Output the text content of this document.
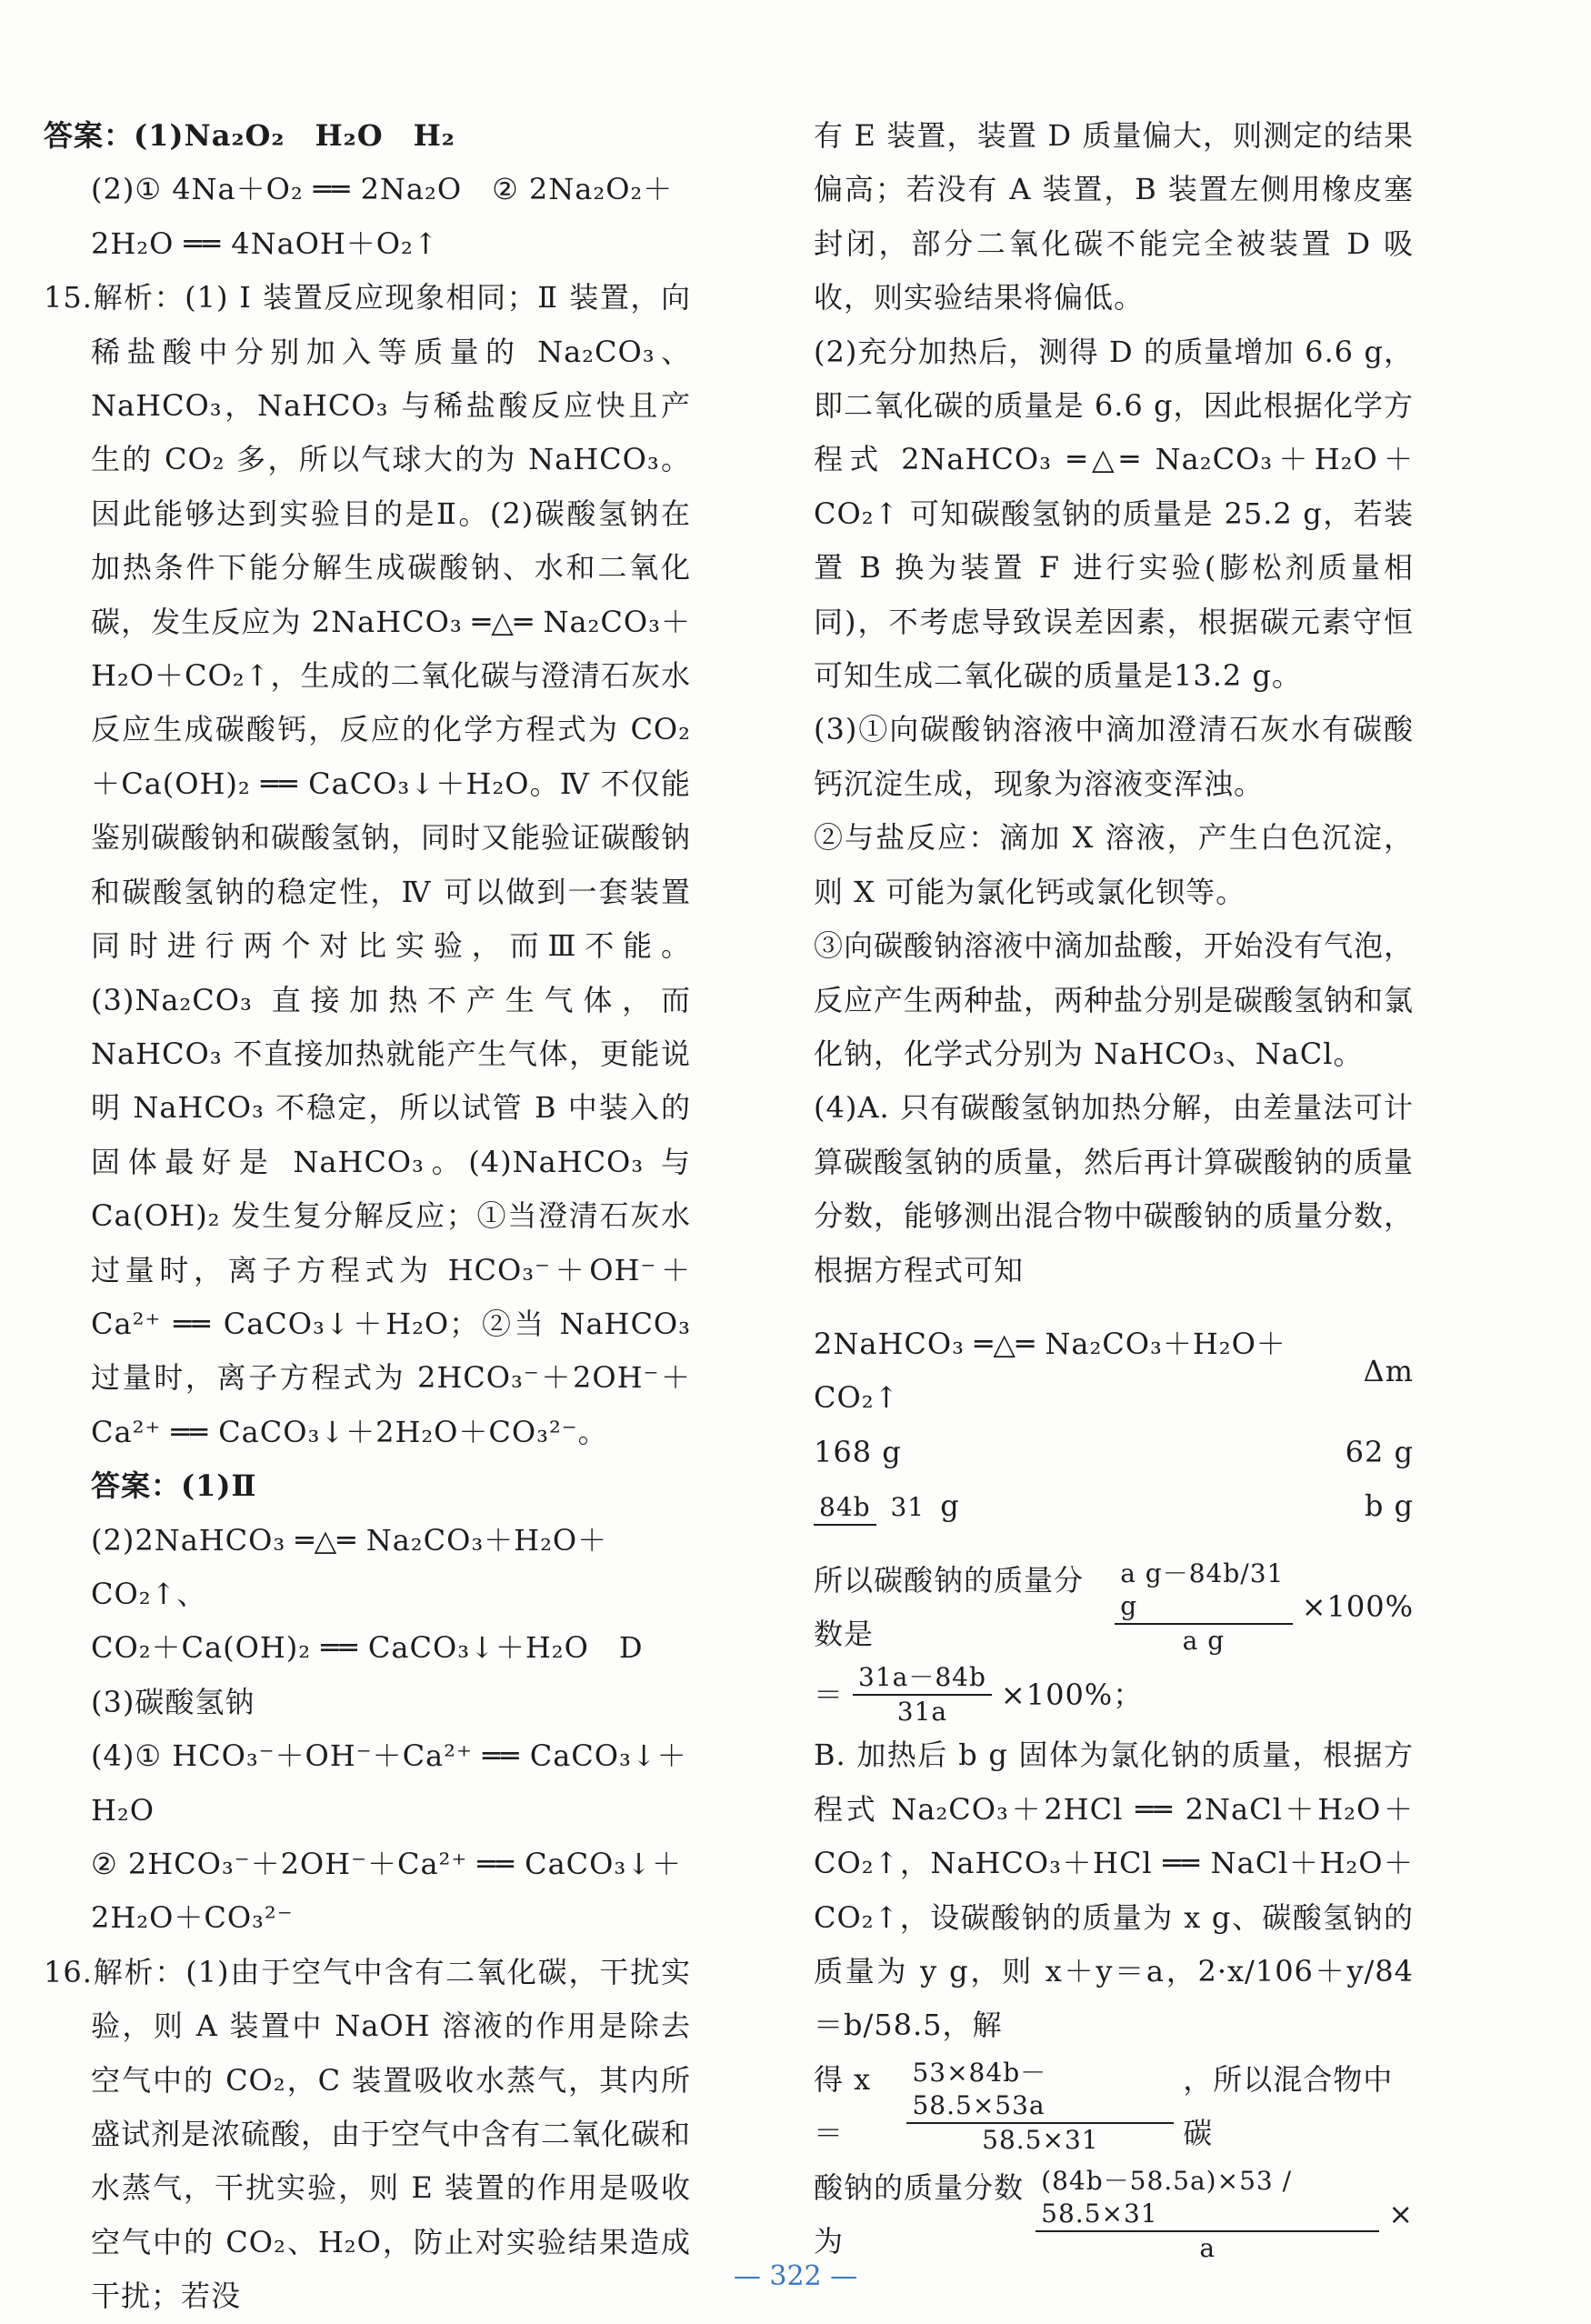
答案：(1)Na₂O₂　H₂O　H₂

(2)① 4Na＋O₂ ══ 2Na₂O　② 2Na₂O₂＋

2H₂O ══ 4NaOH＋O₂↑

15.解析：(1) Ⅰ 装置反应现象相同；Ⅱ 装置，向稀盐酸中分别加入等质量的 Na₂CO₃、NaHCO₃，NaHCO₃ 与稀盐酸反应快且产生的 CO₂ 多，所以气球大的为 NaHCO₃。因此能够达到实验目的是Ⅱ。(2)碳酸氢钠在加热条件下能分解生成碳酸钠、水和二氧化碳，发生反应为 2NaHCO₃ ═△═ Na₂CO₃＋H₂O＋CO₂↑，生成的二氧化碳与澄清石灰水反应生成碳酸钙，反应的化学方程式为 CO₂＋Ca(OH)₂ ══ CaCO₃↓＋H₂O。Ⅳ 不仅能鉴别碳酸钠和碳酸氢钠，同时又能验证碳酸钠和碳酸氢钠的稳定性，Ⅳ 可以做到一套装置同时进行两个对比实验，而Ⅲ不能。(3)Na₂CO₃ 直接加热不产生气体，而 NaHCO₃ 不直接加热就能产生气体，更能说明 NaHCO₃ 不稳定，所以试管 B 中装入的固体最好是 NaHCO₃。(4)NaHCO₃ 与 Ca(OH)₂ 发生复分解反应；①当澄清石灰水过量时，离子方程式为 HCO₃⁻＋OH⁻＋Ca²⁺ ══ CaCO₃↓＋H₂O；②当 NaHCO₃ 过量时，离子方程式为 2HCO₃⁻＋2OH⁻＋Ca²⁺ ══ CaCO₃↓＋2H₂O＋CO₃²⁻。

答案：(1)Ⅱ

(2)2NaHCO₃ ═△═ Na₂CO₃＋H₂O＋CO₂↑、

CO₂＋Ca(OH)₂ ══ CaCO₃↓＋H₂O　D

(3)碳酸氢钠

(4)① HCO₃⁻＋OH⁻＋Ca²⁺ ══ CaCO₃↓＋

H₂O

② 2HCO₃⁻＋2OH⁻＋Ca²⁺ ══ CaCO₃↓＋

2H₂O＋CO₃²⁻

16.解析：(1)由于空气中含有二氧化碳，干扰实验，则 A 装置中 NaOH 溶液的作用是除去空气中的 CO₂，C 装置吸收水蒸气，其内所盛试剂是浓硫酸，由于空气中含有二氧化碳和水蒸气，干扰实验，则 E 装置的作用是吸收空气中的 CO₂、H₂O，防止对实验结果造成干扰；若没

有 E 装置，装置 D 质量偏大，则测定的结果偏高；若没有 A 装置，B 装置左侧用橡皮塞封闭，部分二氧化碳不能完全被装置 D 吸收，则实验结果将偏低。

(2)充分加热后，测得 D 的质量增加 6.6 g，即二氧化碳的质量是 6.6 g，因此根据化学方程式 2NaHCO₃ ═△═ Na₂CO₃＋H₂O＋CO₂↑ 可知碳酸氢钠的质量是 25.2 g，若装置 B 换为装置 F 进行实验(膨松剂质量相同)，不考虑导致误差因素，根据碳元素守恒可知生成二氧化碳的质量是13.2 g。

(3)①向碳酸钠溶液中滴加澄清石灰水有碳酸钙沉淀生成，现象为溶液变浑浊。

②与盐反应：滴加 X 溶液，产生白色沉淀，则 X 可能为氯化钙或氯化钡等。

③向碳酸钠溶液中滴加盐酸，开始没有气泡，反应产生两种盐，两种盐分别是碳酸氢钠和氯化钠，化学式分别为 NaHCO₃、NaCl。

(4)A. 只有碳酸氢钠加热分解，由差量法可计算碳酸氢钠的质量，然后再计算碳酸钠的质量分数，能够测出混合物中碳酸钠的质量分数，根据方程式可知

2NaHCO₃ ═△═ Na₂CO₃＋H₂O＋CO₂↑
Δm
168 g	62 g
84b 31 g	b g
所以碳酸钠的质量分数是	$\frac{\text{a g－84b/31 g}}{\text{a g}} \times 100\%$
＝ $\frac{31a-84b}{31a} \times 100\%$；

B. 加热后 b g 固体为氯化钠的质量，根据方程式 Na₂CO₃＋2HCl ══ 2NaCl＋H₂O＋CO₂↑，NaHCO₃＋HCl ══ NaCl＋H₂O＋CO₂↑，设碳酸钠的质量为 x g、碳酸氢钠的质量为 y g，则 x＋y＝a，2·x/106＋y/84＝b/58.5，解

得 x＝	$\frac{53\times 84b-58.5\times 53a}{58.5\times 31}$ ，所以混合物中碳
酸钠的质量分数为	$\frac{(84b-58.5a)\times 53 / 58.5\times 31}{a}$ ×
— 322 —
